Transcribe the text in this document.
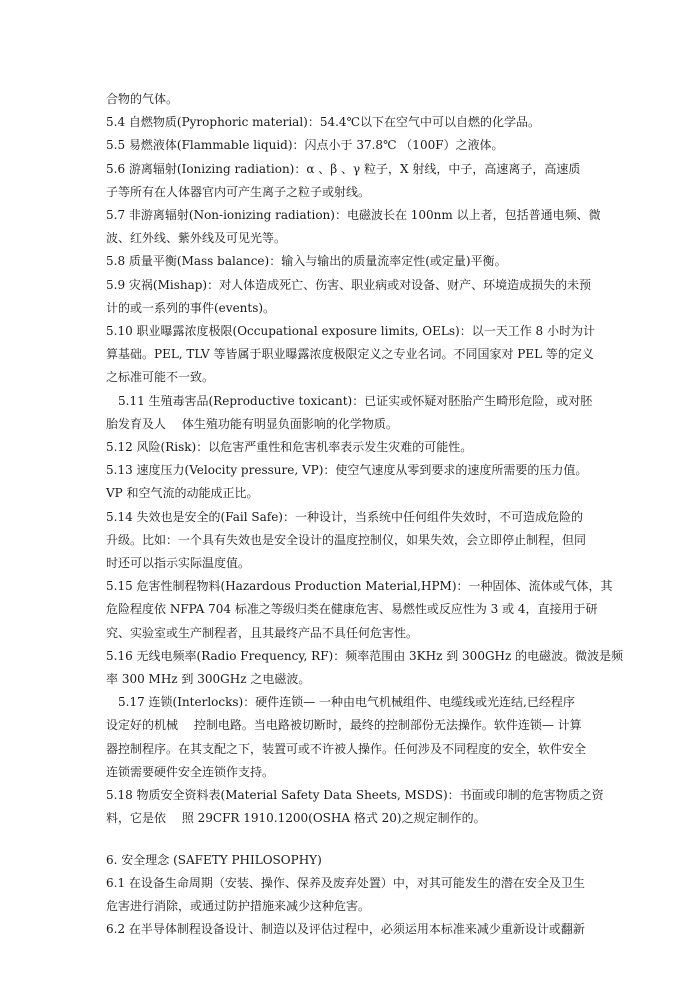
合物的气体。
5.4 自燃物质(Pyrophoric material)：54.4℃以下在空气中可以自燃的化学品。
5.5 易燃液体(Flammable liquid)：闪点小于 37.8℃ （100F）之液体。
5.6 游离辐射(Ionizing radiation)：α 、β 、γ 粒子，X 射线，中子，高速离子，高速质
子等所有在人体器官内可产生离子之粒子或射线。
5.7 非游离辐射(Non-ionizing radiation)：电磁波长在 100nm 以上者，包括普通电频、微
波、红外线、紫外线及可见光等。
5.8 质量平衡(Mass balance)：输入与输出的质量流率定性(或定量)平衡。
5.9 灾祸(Mishap)：对人体造成死亡、伤害、职业病或对设备、财产、环境造成损失的未预
计的或一系列的事件(events)。
5.10 职业曝露浓度极限(Occupational exposure limits, OELs)：以一天工作 8 小时为计
算基础。PEL, TLV 等皆属于职业曝露浓度极限定义之专业名词。不同国家对 PEL 等的定义
之标准可能不一致。
5.11 生殖毒害品(Reproductive toxicant)：已证实或怀疑对胚胎产生畸形危险，或对胚
胎发育及人　 体生殖功能有明显负面影响的化学物质。
5.12 风险(Risk)：以危害严重性和危害机率表示发生灾难的可能性。
5.13 速度压力(Velocity pressure, VP)：使空气速度从零到要求的速度所需要的压力值。
VP 和空气流的动能成正比。
5.14 失效也是安全的(Fail Safe)：一种设计，当系统中任何组件失效时，不可造成危险的
升级。比如：一个具有失效也是安全设计的温度控制仪，如果失效，会立即停止制程，但同
时还可以指示实际温度值。
5.15 危害性制程物料(Hazardous Production Material,HPM)：一种固体、流体或气体，其
危险程度依 NFPA 704 标准之等级归类在健康危害、易燃性或反应性为 3 或 4，直接用于研
究、实验室或生产制程者，且其最终产品不具任何危害性。
5.16 无线电频率(Radio Frequency, RF)：频率范围由 3KHz 到 300GHz 的电磁波。微波是频
率 300 MHz 到 300GHz 之电磁波。
5.17 连锁(Interlocks)：硬件连锁— 一种由电气机械组件、电缆线或光连结,已经程序
设定好的机械　 控制电路。当电路被切断时，最终的控制部份无法操作。软件连锁— 计算
器控制程序。在其支配之下，装置可或不许被人操作。任何涉及不同程度的安全，软件安全
连锁需要硬件安全连锁作支持。
5.18 物质安全资料表(Material Safety Data Sheets, MSDS)：书面或印制的危害物质之资
料，它是依　 照 29CFR 1910.1200(OSHA 格式 20)之规定制作的。
6. 安全理念 (SAFETY PHILOSOPHY)
6.1 在设备生命周期（安装、操作、保养及废弃处置）中，对其可能发生的潜在安全及卫生
危害进行消除，或通过防护措施来减少这种危害。
6.2 在半导体制程设备设计、制造以及评估过程中，必须运用本标准来减少重新设计或翻新
